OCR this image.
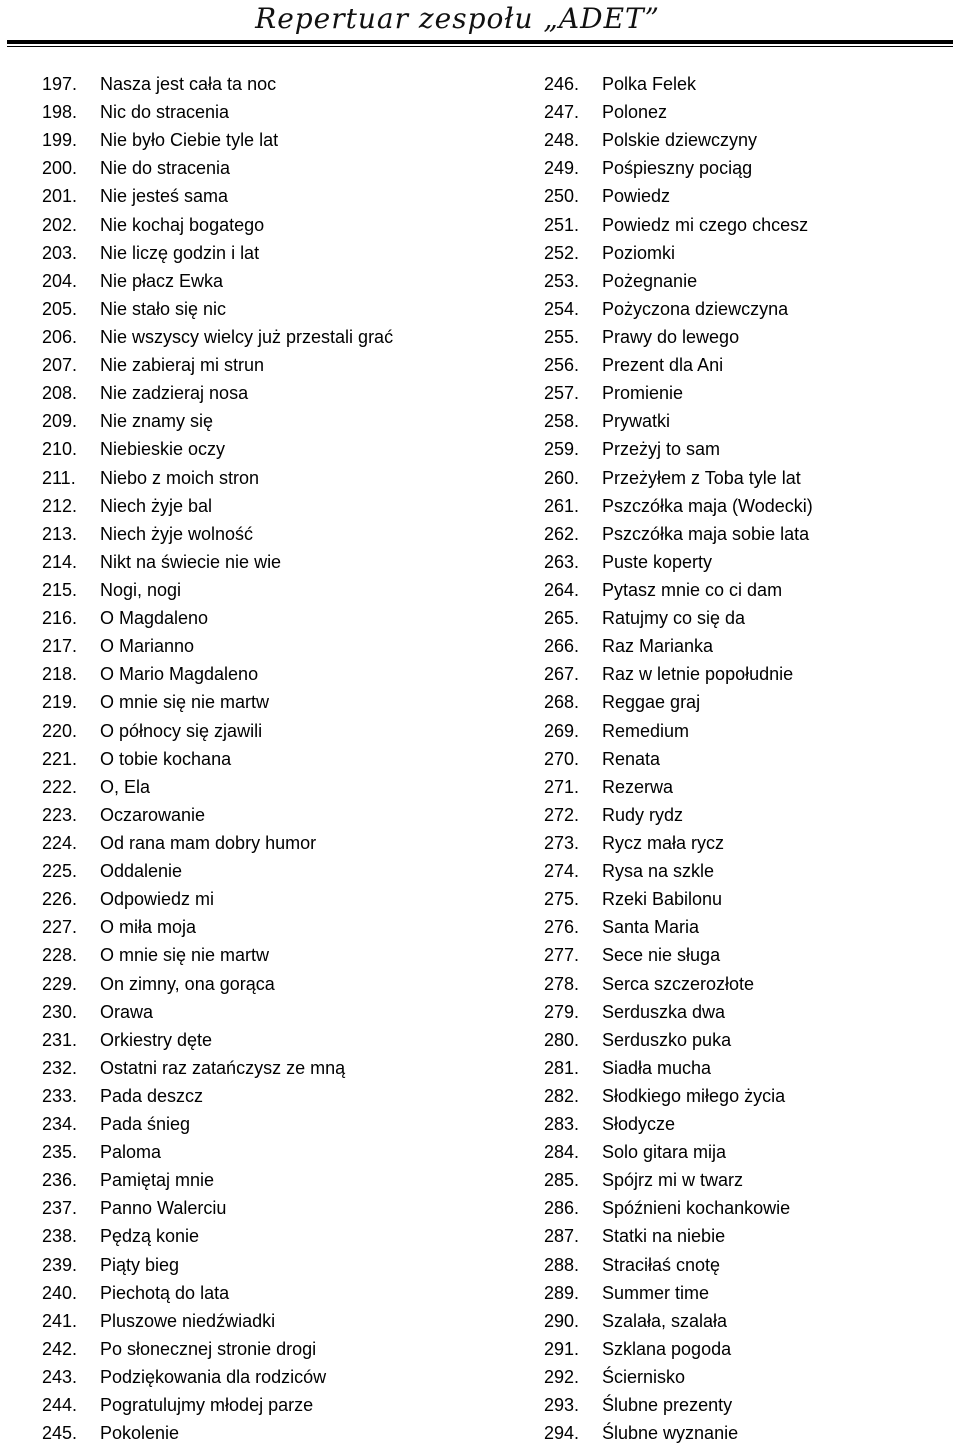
Repertuar zespołu „ADET”
197.	Nasza jest cała ta noc
198.	Nic do stracenia
199.	Nie było Ciebie tyle lat
200.	Nie do stracenia
201.	Nie jesteś sama
202.	Nie kochaj bogatego
203.	Nie liczę godzin i lat
204.	Nie płacz Ewka
205.	Nie stało się nic
206.	Nie wszyscy wielcy już przestali grać
207.	Nie zabieraj mi strun
208.	Nie zadzieraj nosa
209.	Nie znamy się
210.	Niebieskie oczy
211.	Niebo z moich stron
212.	Niech żyje bal
213.	Niech żyje wolność
214.	Nikt na świecie nie wie
215.	Nogi, nogi
216.	O Magdaleno
217.	O Marianno
218.	O Mario Magdaleno
219.	O mnie się nie martw
220.	O północy się zjawili
221.	O tobie kochana
222.	O, Ela
223.	Oczarowanie
224.	Od rana mam dobry humor
225.	Oddalenie
226.	Odpowiedz mi
227.	O miła moja
228.	O mnie się nie martw
229.	On zimny, ona gorąca
230.	Orawa
231.	Orkiestry dęte
232.	Ostatni raz zatańczysz ze mną
233.	Pada deszcz
234.	Pada śnieg
235.	Paloma
236.	Pamiętaj mnie
237.	Panno Walerciu
238.	Pędzą konie
239.	Piąty bieg
240.	Piechotą do lata
241.	Pluszowe niedźwiadki
242.	Po słonecznej stronie drogi
243.	Podziękowania dla rodziców
244.	Pogratulujmy młodej parze
245.	Pokolenie
246.	Polka Felek
247.	Polonez
248.	Polskie dziewczyny
249.	Pośpieszny pociąg
250.	Powiedz
251.	Powiedz mi czego chcesz
252.	Poziomki
253.	Pożegnanie
254.	Pożyczona dziewczyna
255.	Prawy do lewego
256.	Prezent dla Ani
257.	Promienie
258.	Prywatki
259.	Przeżyj to sam
260.	Przeżyłem z Toba tyle lat
261.	Pszczółka maja (Wodecki)
262.	Pszczółka maja sobie lata
263.	Puste koperty
264.	Pytasz mnie co ci dam
265.	Ratujmy co się da
266.	Raz Marianka
267.	Raz w letnie popołudnie
268.	Reggae graj
269.	Remedium
270.	Renata
271.	Rezerwa
272.	Rudy rydz
273.	Rycz mała rycz
274.	Rysa na szkle
275.	Rzeki Babilonu
276.	Santa Maria
277.	Sece nie sługa
278.	Serca szczerozłote
279.	Serduszka dwa
280.	Serduszko puka
281.	Siadła mucha
282.	Słodkiego miłego życia
283.	Słodycze
284.	Solo gitara mija
285.	Spójrz mi w twarz
286.	Spóźnieni kochankowie
287.	Statki na niebie
288.	Straciłaś cnotę
289.	Summer time
290.	Szalała, szalała
291.	Szklana pogoda
292.	Ściernisko
293.	Ślubne prezenty
294.	Ślubne wyznanie
